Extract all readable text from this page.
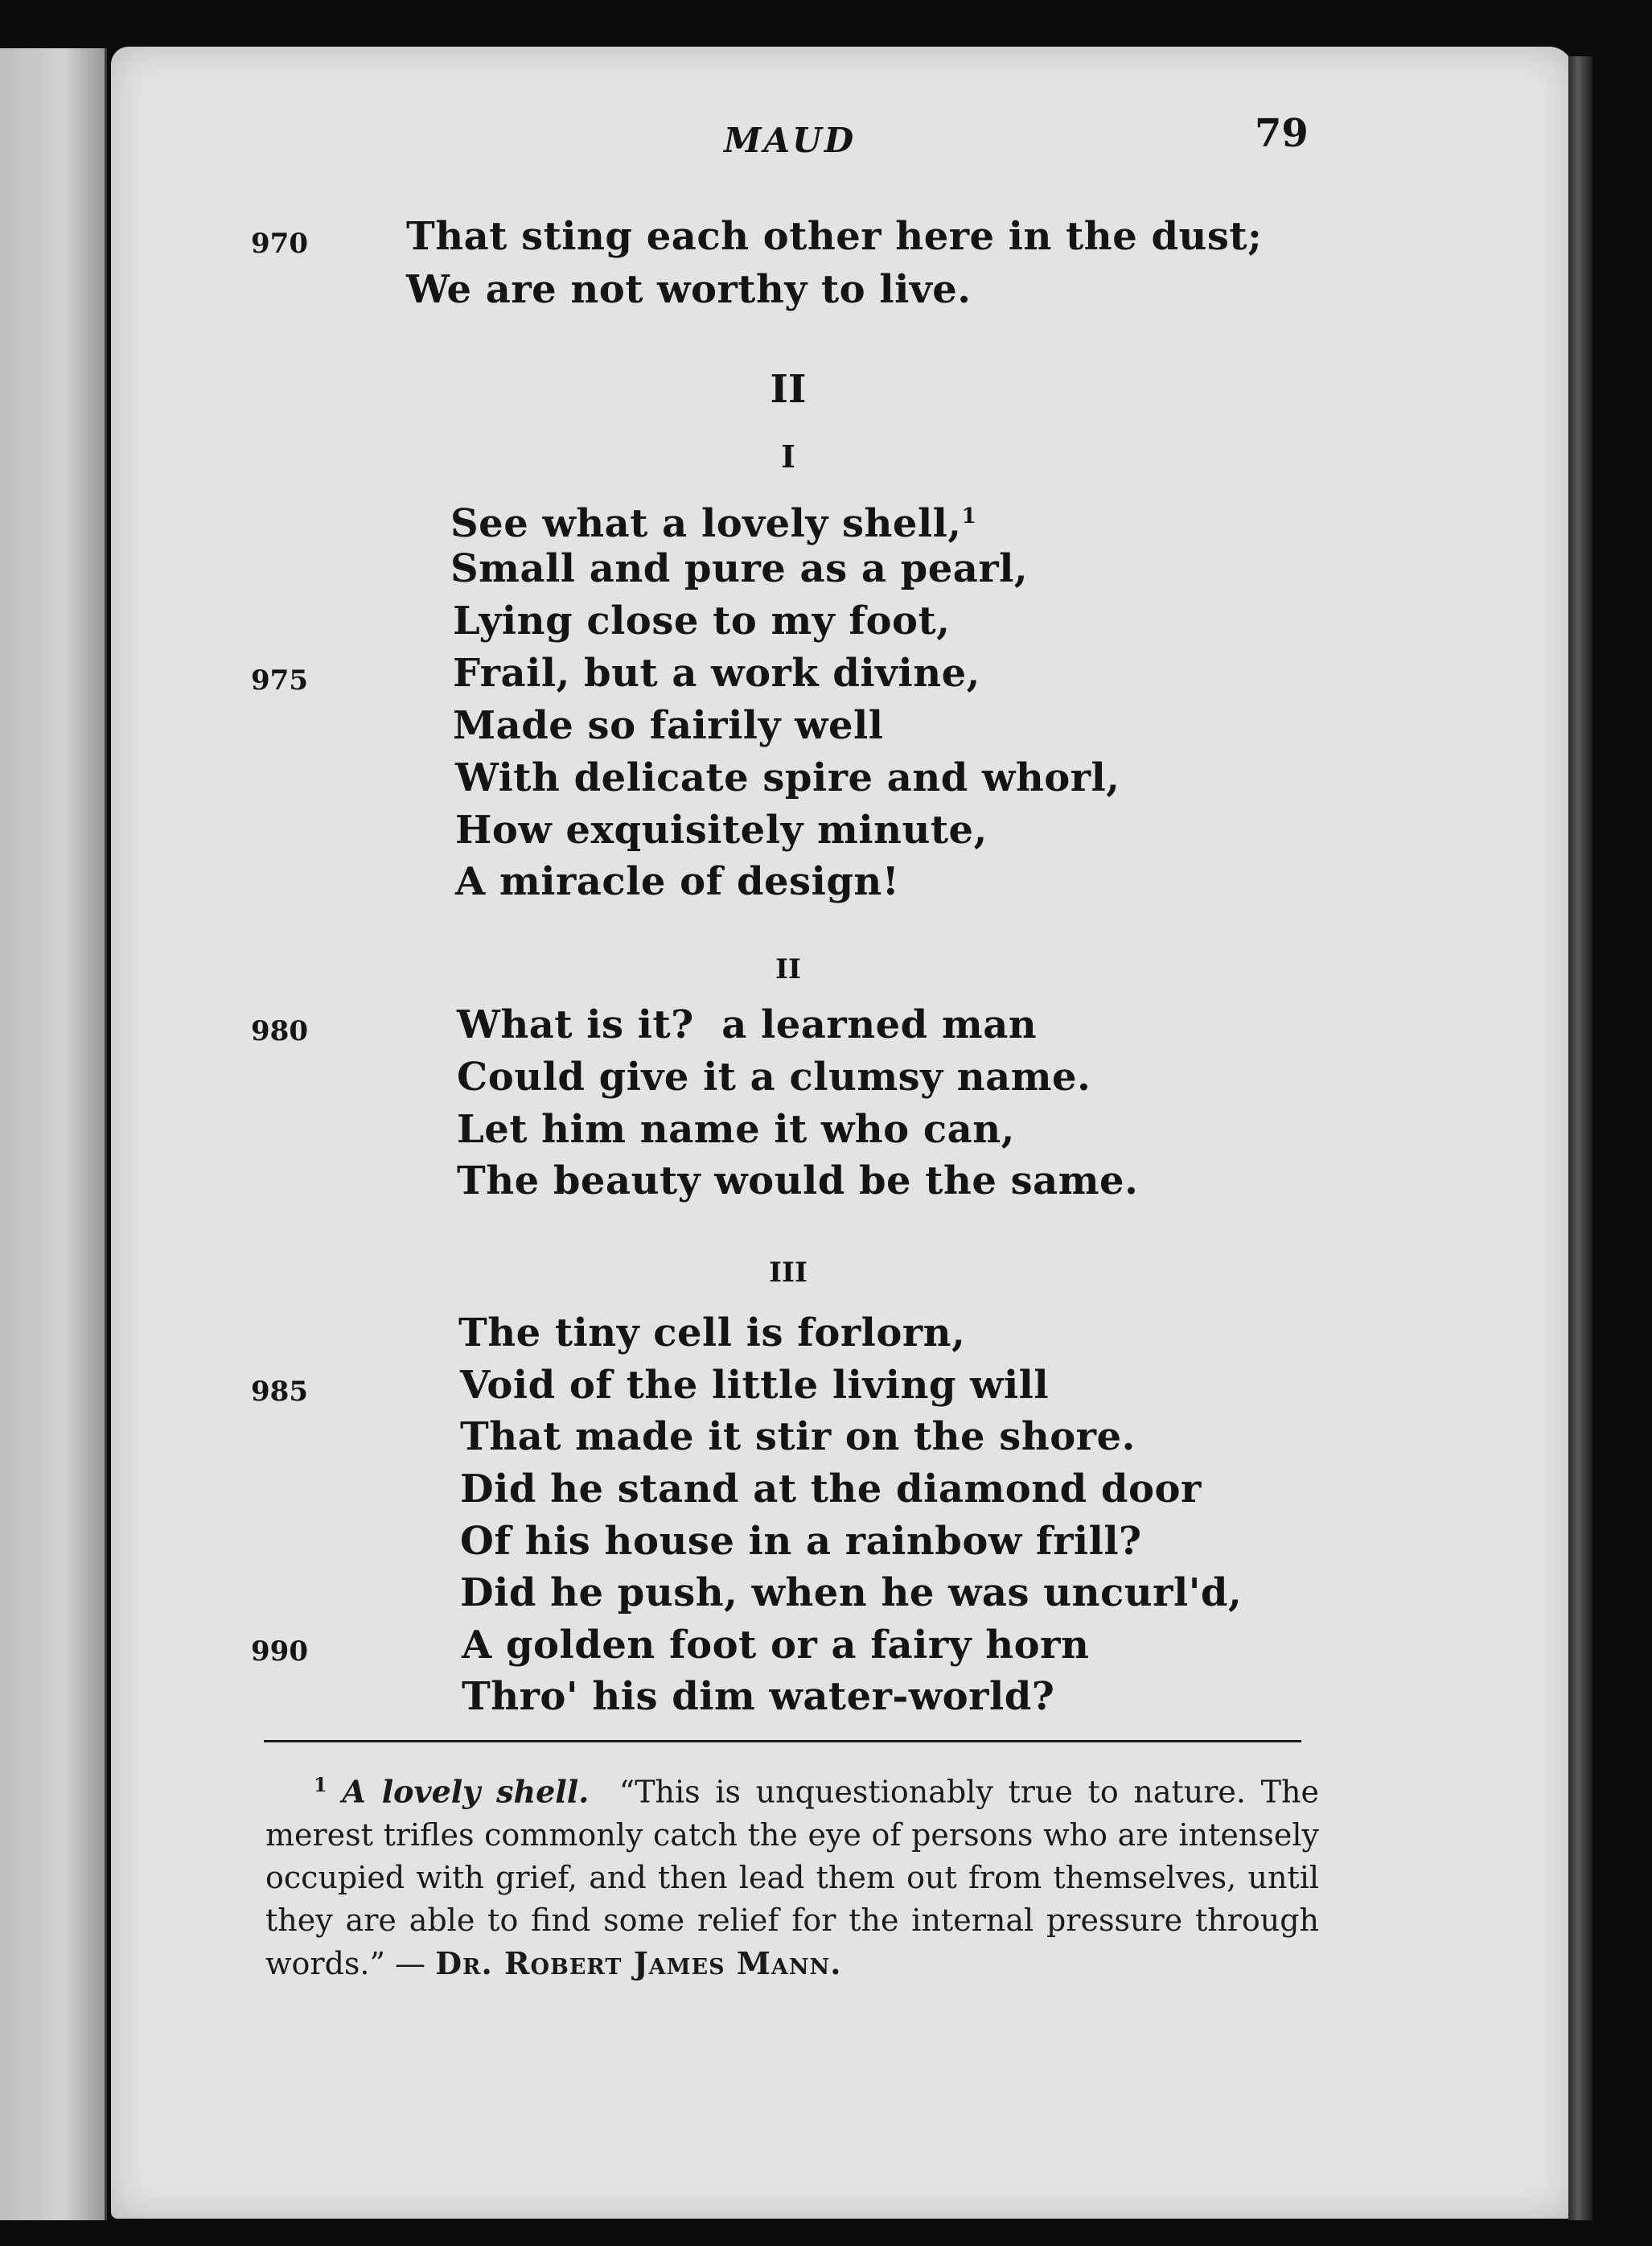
MAUD	79

970	That sting each other here in the dust;

We are not worthy to live.

II

I

See what a lovely shell,$^1$

Small and pure as a pearl,

Lying close to my foot,

975	Frail, but a work divine,

Made so fairily well

With delicate spire and whorl,

How exquisitely minute,

A miracle of design!

II

980	What is it?  a learned man

Could give it a clumsy name.

Let him name it who can,

The beauty would be the same.

III

The tiny cell is forlorn,

985	Void of the little living will

That made it stir on the shore.

Did he stand at the diamond door

Of his house in a rainbow frill?

Did he push, when he was uncurl'd,

990	A golden foot or a fairy horn

Thro' his dim water-world?

$^1$ A lovely shell. “This is unquestionably true to nature. The merest trifles commonly catch the eye of persons who are intensely occupied with grief, and then lead them out from themselves, until they are able to find some relief for the internal pressure through words.” — Dr. Robert James Mann.
